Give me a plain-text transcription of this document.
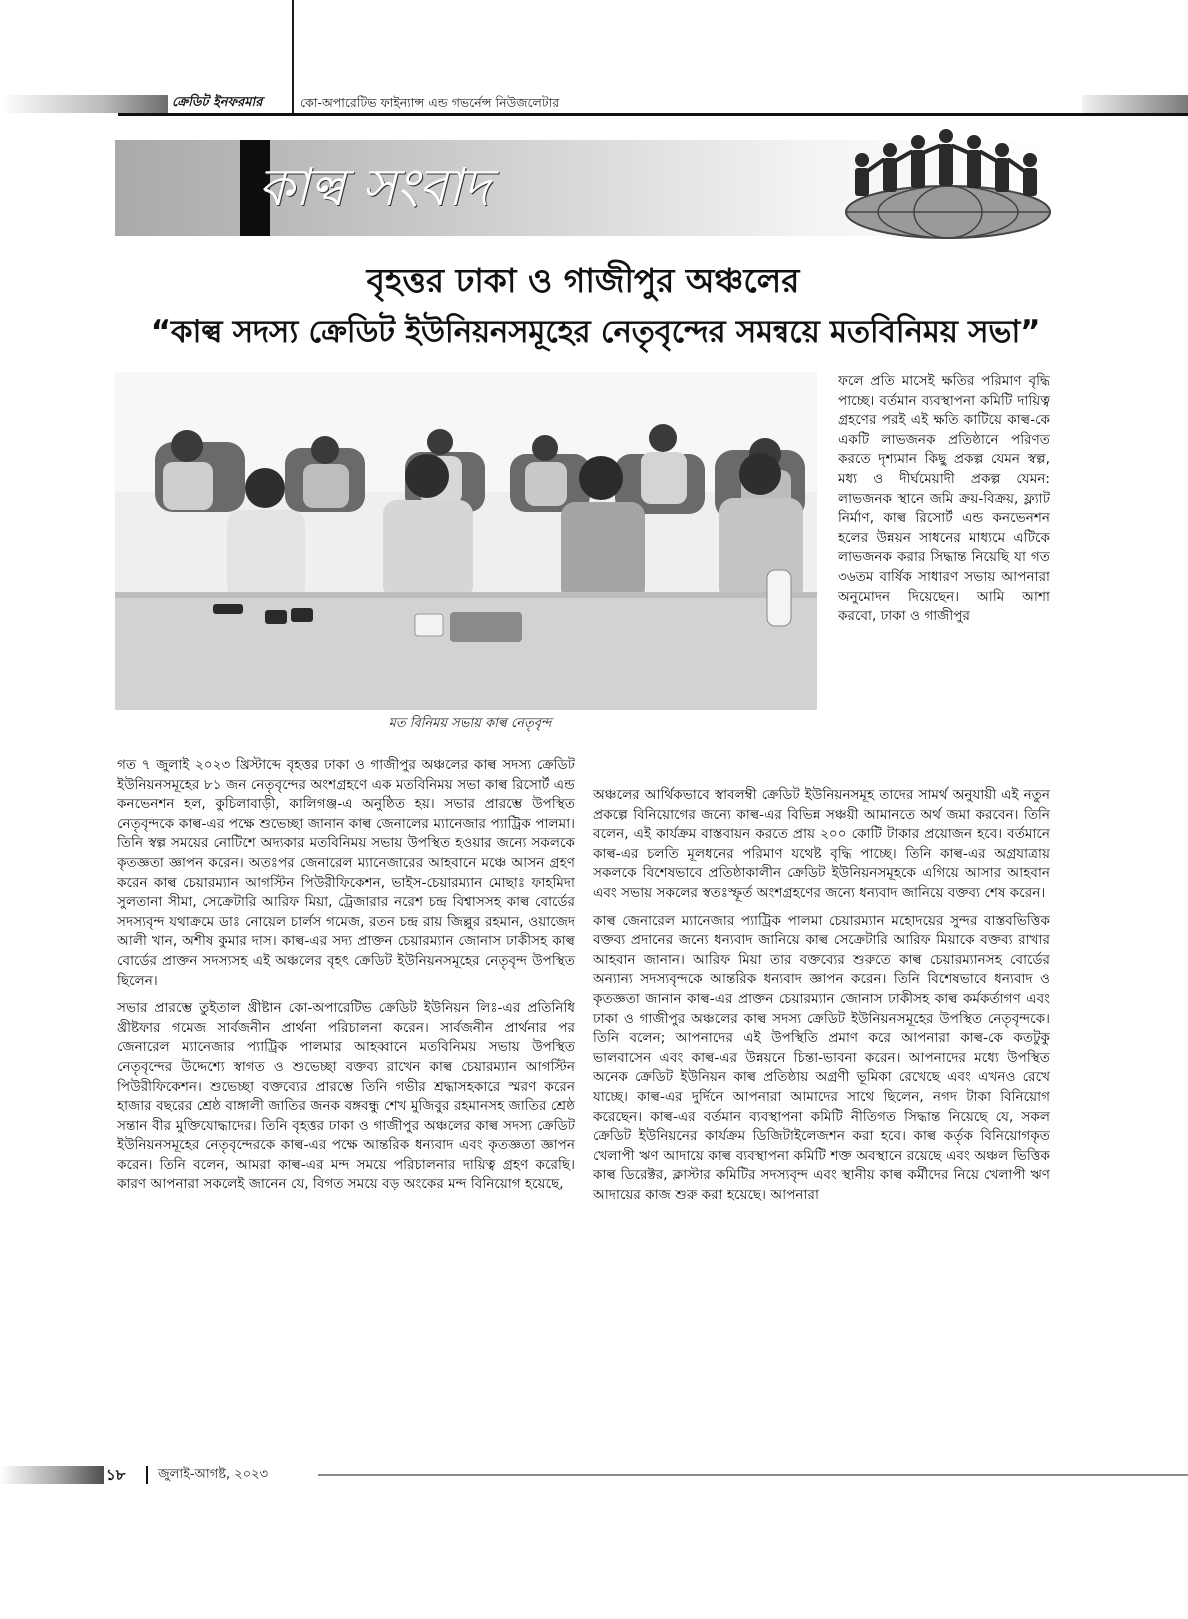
ক্রেডিট ইনফরমার	কো-অপারেটিভ ফাইন্যান্স এন্ড গভর্নেন্স নিউজলেটার
কাল্ব সংবাদ
বৃহত্তর ঢাকা ও গাজীপুর অঞ্চলের
“কাল্ব সদস্য ক্রেডিট ইউনিয়নসমূহের নেতৃবৃন্দের সমন্বয়ে মতবিনিময় সভা”
মত বিনিময় সভায় কাল্ব নেতৃবৃন্দ

ফলে প্রতি মাসেই ক্ষতির পরিমাণ বৃদ্ধি পাচ্ছে। বর্তমান ব্যবস্থাপনা কমিটি দায়িত্ব গ্রহণের পরই এই ক্ষতি কাটিয়ে কাল্ব-কে একটি লাভজনক প্রতিষ্ঠানে পরিণত করতে দৃশ্যমান কিছু প্রকল্প যেমন স্বল্প, মধ্য ও দীর্ঘমেয়াদী প্রকল্প যেমন: লাভজনক স্থানে জমি ক্রয়-বিক্রয়, ফ্ল্যাট নির্মাণ, কাল্ব রিসোর্ট এন্ড কনভেনশন হলের উন্নয়ন সাধনের মাধ্যমে এটিকে লাভজনক করার সিদ্ধান্ত নিয়েছি যা গত ৩৬তম বার্ষিক সাধারণ সভায় আপনারা অনুমোদন দিয়েছেন। আমি আশা করবো, ঢাকা ও গাজীপুর

গত ৭ জুলাই ২০২৩ খ্রিস্টাব্দে বৃহত্তর ঢাকা ও গাজীপুর অঞ্চলের কাল্ব সদস্য ক্রেডিট ইউনিয়নসমূহের ৮১ জন নেতৃবৃন্দের অংশগ্রহণে এক মতবিনিময় সভা কাল্ব রিসোর্ট এন্ড কনভেনশন হল, কুচিলাবাড়ী, কালিগঞ্জ-এ অনুষ্ঠিত হয়। সভার প্রারম্ভে উপস্থিত নেতৃবৃন্দকে কাল্ব-এর পক্ষে শুভেচ্ছা জানান কাল্ব জেনালের ম্যানেজার প্যাট্রিক পালমা। তিনি স্বল্প সময়ের নোটিশে অদ্যকার মতবিনিময় সভায় উপস্থিত হওয়ার জন্যে সকলকে কৃতজ্ঞতা জ্ঞাপন করেন। অতঃপর জেনারেল ম্যানেজারের আহবানে মঞ্চে আসন গ্রহণ করেন কাল্ব চেয়ারম্যান আগস্টিন পিউরীফিকেশন, ভাইস-চেয়ারম্যান মোছাঃ ফাহমিদা সুলতানা সীমা, সেক্রেটারি আরিফ মিয়া, ট্রেজারার নরেশ চন্দ্র বিশ্বাসসহ কাল্ব বোর্ডের সদস্যবৃন্দ যথাক্রমে ডাঃ নোয়েল চার্লস গমেজ, রতন চন্দ্র রায় জিল্লুর রহমান, ওয়াজেদ আলী খান, অশীষ কুমার দাস। কাল্ব-এর সদ্য প্রাক্তন চেয়ারম্যান জোনাস ঢাকীসহ কাল্ব বোর্ডের প্রাক্তন সদস্যসহ এই অঞ্চলের বৃহৎ ক্রেডিট ইউনিয়নসমূহের নেতৃবৃন্দ উপস্থিত ছিলেন।

সভার প্রারম্ভে তুইতাল খ্রীষ্টান কো-অপারেটিভ ক্রেডিট ইউনিয়ন লিঃ-এর প্রতিনিধি খ্রীষ্টফার গমেজ সার্বজনীন প্রার্থনা পরিচালনা করেন। সার্বজনীন প্রার্থনার পর জেনারেল ম্যানেজার প্যাট্রিক পালমার আহব্বানে মতবিনিময় সভায় উপস্থিত নেতৃবৃন্দের উদ্দেশ্যে স্বাগত ও শুভেচ্ছা বক্তব্য রাখেন কাল্ব চেয়ারম্যান আগস্টিন পিউরীফিকেশন। শুভেচ্ছা বক্তব্যের প্রারম্ভে তিনি গভীর শ্রদ্ধাসহকারে স্মরণ করেন হাজার বছরের শ্রেষ্ঠ বাঙ্গালী জাতির জনক বঙ্গবন্ধু শেখ মুজিবুর রহমানসহ জাতির শ্রেষ্ঠ সন্তান বীর মুক্তিযোদ্ধাদের। তিনি বৃহত্তর ঢাকা ও গাজীপুর অঞ্চলের কাল্ব সদস্য ক্রেডিট ইউনিয়নসমূহের নেতৃবৃন্দেরকে কাল্ব-এর পক্ষে আন্তরিক ধন্যবাদ এবং কৃতজ্ঞতা জ্ঞাপন করেন। তিনি বলেন, আমরা কাল্ব-এর মন্দ সময়ে পরিচালনার দায়িত্ব গ্রহণ করেছি। কারণ আপনারা সকলেই জানেন যে, বিগত সময়ে বড় অংকের মন্দ বিনিয়োগ হয়েছে,

অঞ্চলের আর্থিকভাবে স্বাবলম্বী ক্রেডিট ইউনিয়নসমূহ তাদের সামর্থ অনুযায়ী এই নতুন প্রকল্পে বিনিয়োগের জন্যে কাল্ব-এর বিভিন্ন সঞ্চয়ী আমানতে অর্থ জমা করবেন। তিনি বলেন, এই কার্যক্রম বাস্তবায়ন করতে প্রায় ২০০ কোটি টাকার প্রয়োজন হবে। বর্তমানে কাল্ব-এর চলতি মূলধনের পরিমাণ যথেষ্ট বৃদ্ধি পাচ্ছে। তিনি কাল্ব-এর অগ্রযাত্রায় সকলকে বিশেষভাবে প্রতিষ্ঠাকালীন ক্রেডিট ইউনিয়নসমূহকে এগিয়ে আসার আহবান এবং সভায় সকলের স্বতঃস্ফূর্ত অংশগ্রহণের জন্যে ধন্যবাদ জানিয়ে বক্তব্য শেষ করেন।

কাল্ব জেনারেল ম্যানেজার প্যাট্রিক পালমা চেয়ারম্যান মহোদয়ের সুন্দর বাস্তবভিত্তিক বক্তব্য প্রদানের জন্যে ধন্যবাদ জানিয়ে কাল্ব সেক্রেটারি আরিফ মিয়াকে বক্তব্য রাখার আহবান জানান। আরিফ মিয়া তার বক্তব্যের শুরুতে কাল্ব চেয়ারম্যানসহ বোর্ডের অন্যান্য সদস্যবৃন্দকে আন্তরিক ধন্যবাদ জ্ঞাপন করেন। তিনি বিশেষভাবে ধন্যবাদ ও কৃতজ্ঞতা জানান কাল্ব-এর প্রাক্তন চেয়ারম্যান জোনাস ঢাকীসহ কাল্ব কর্মকর্তাগণ এবং ঢাকা ও গাজীপুর অঞ্চলের কাল্ব সদস্য ক্রেডিট ইউনিয়নসমূহের উপস্থিত নেতৃবৃন্দকে। তিনি বলেন; আপনাদের এই উপস্থিতি প্রমাণ করে আপনারা কাল্ব-কে কতটুকু ভালবাসেন এবং কাল্ব-এর উন্নয়নে চিন্তা-ভাবনা করেন। আপনাদের মধ্যে উপস্থিত অনেক ক্রেডিট ইউনিয়ন কাল্ব প্রতিষ্ঠায় অগ্রণী ভূমিকা রেখেছে এবং এখনও রেখে যাচ্ছে। কাল্ব-এর দুর্দিনে আপনারা আমাদের সাথে ছিলেন, নগদ টাকা বিনিয়োগ করেছেন। কাল্ব-এর বর্তমান ব্যবস্থাপনা কমিটি নীতিগত সিদ্ধান্ত নিয়েছে যে, সকল ক্রেডিট ইউনিয়নের কার্যক্রম ডিজিটাইলেজশন করা হবে। কাল্ব কর্তৃক বিনিয়োগকৃত খেলাপী ঋণ আদায়ে কাল্ব ব্যবস্থাপনা কমিটি শক্ত অবস্থানে রয়েছে এবং অঞ্চল ভিত্তিক কাল্ব ডিরেক্টর, ক্লাস্টার কমিটির সদস্যবৃন্দ এবং স্থানীয় কাল্ব কর্মীদের নিয়ে খেলাপী ঋণ আদায়ের কাজ শুরু করা হয়েছে। আপনারা

১৮	জুলাই-আগষ্ট, ২০২৩
